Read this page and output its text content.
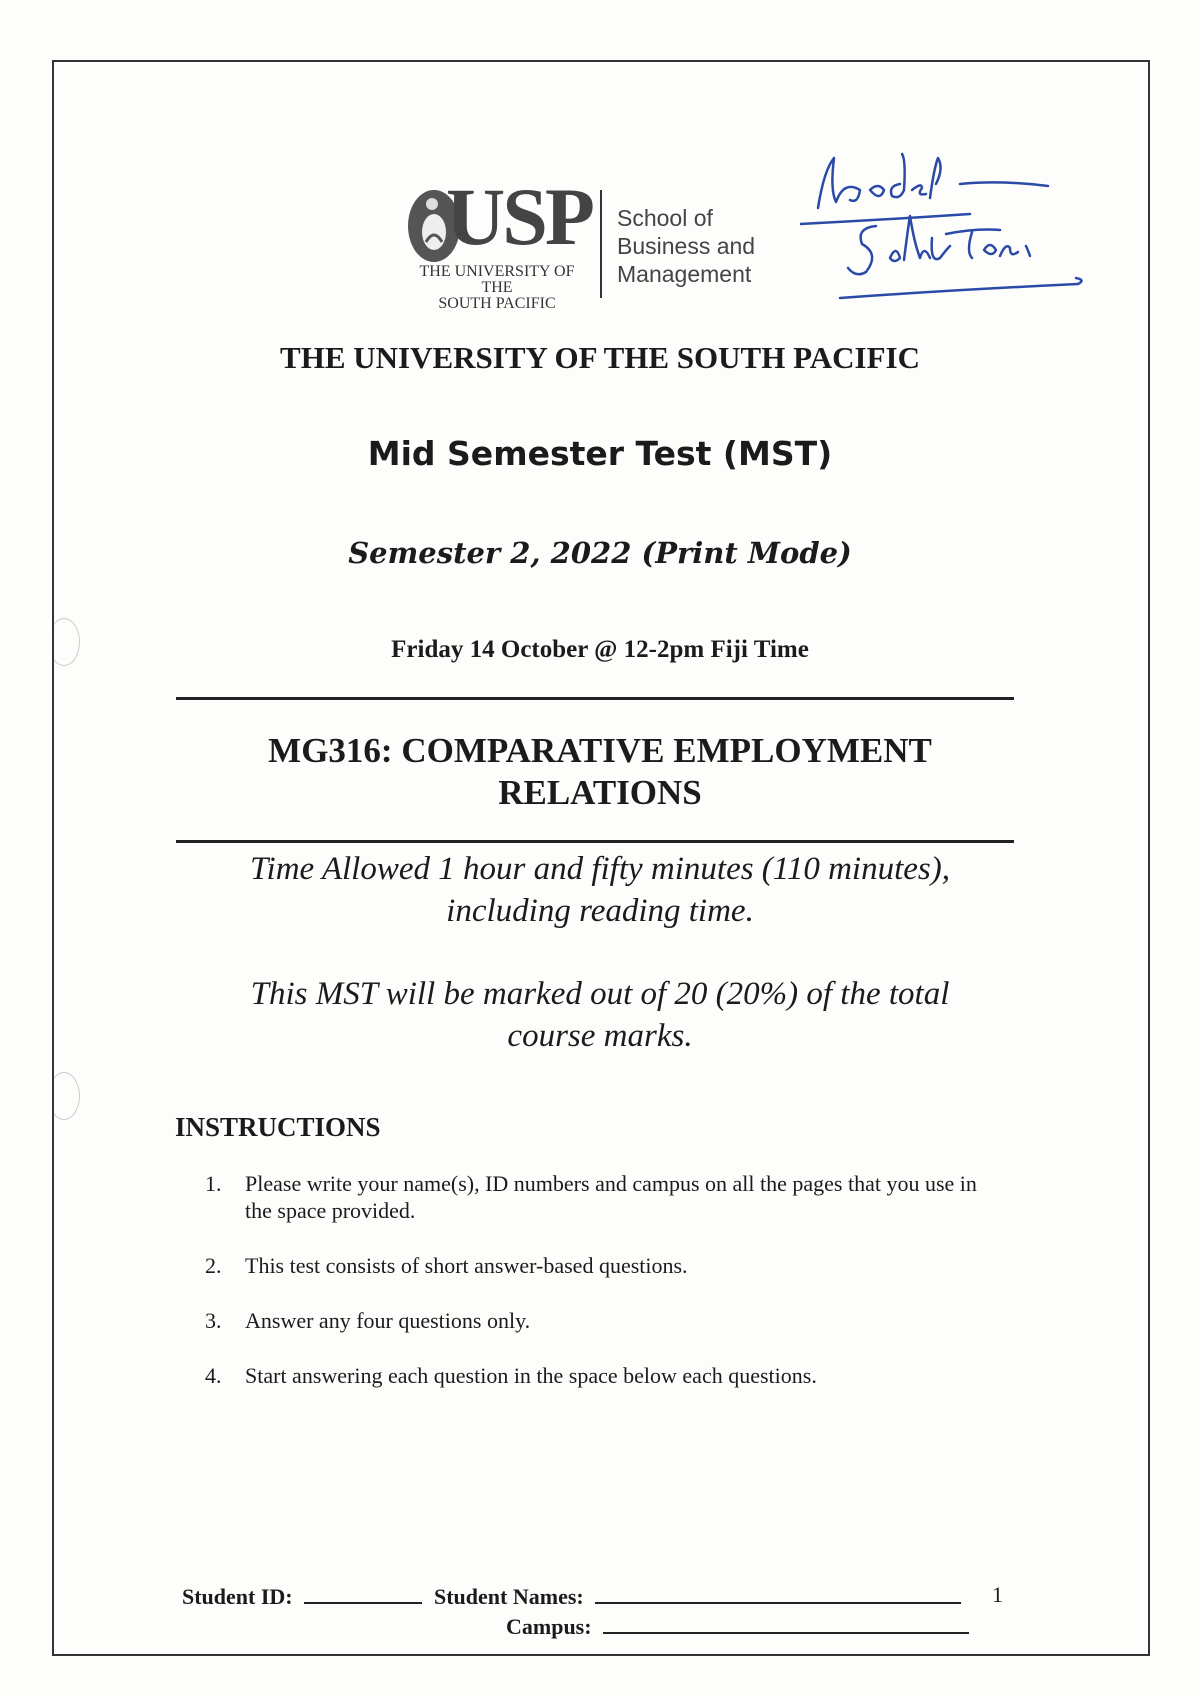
USP
THE UNIVERSITY OF THE
SOUTH PACIFIC
School of
Business and
Management
THE UNIVERSITY OF THE SOUTH PACIFIC
Mid Semester Test (MST)
Semester 2, 2022 (Print Mode)
Friday 14 October @ 12-2pm Fiji Time
MG316: COMPARATIVE EMPLOYMENT
RELATIONS
Time Allowed 1 hour and fifty minutes (110 minutes),
including reading time.
This MST will be marked out of 20 (20%) of the total
course marks.
INSTRUCTIONS
1.	Please write your name(s), ID numbers and campus on all the pages that you use in the space provided.
2.	This test consists of short answer-based questions.
3.	Answer any four questions only.
4.	Start answering each question in the space below each questions.
Student ID:	Student Names:
Campus:
1
